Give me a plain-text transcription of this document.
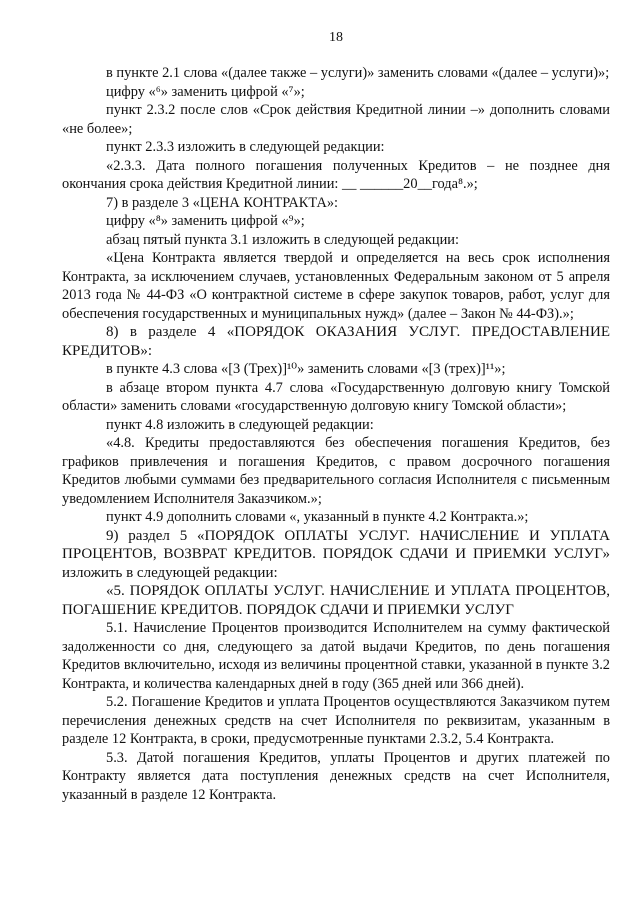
18

в пункте 2.1 слова «(далее также – услуги)» заменить словами «(далее – услуги)»;

цифру «⁶» заменить цифрой «⁷»;

пункт 2.3.2 после слов «Срок действия Кредитной линии –» дополнить словами «не более»;

пункт 2.3.3 изложить в следующей редакции:

«2.3.3. Дата полного погашения полученных Кредитов – не позднее дня окончания срока действия Кредитной линии: __ ______20__года⁸.»;

7) в разделе 3 «ЦЕНА КОНТРАКТА»:

цифру «⁸» заменить цифрой «⁹»;

абзац пятый пункта 3.1 изложить в следующей редакции:

«Цена Контракта является твердой и определяется на весь срок исполнения Контракта, за исключением случаев, установленных Федеральным законом от 5 апреля 2013 года № 44-ФЗ «О контрактной системе в сфере закупок товаров, работ, услуг для обеспечения государственных и муниципальных нужд» (далее – Закон № 44-ФЗ).»;

8) в разделе 4 «ПОРЯДОК ОКАЗАНИЯ УСЛУГ. ПРЕДОСТАВЛЕНИЕ КРЕДИТОВ»:

в пункте 4.3 слова «[3 (Трех)]¹⁰» заменить словами «[3 (трех)]¹¹»;

в абзаце втором пункта 4.7 слова «Государственную долговую книгу Томской области» заменить словами «государственную долговую книгу Томской области»;

пункт 4.8 изложить в следующей редакции:

«4.8. Кредиты предоставляются без обеспечения погашения Кредитов, без графиков привлечения и погашения Кредитов, с правом досрочного погашения Кредитов любыми суммами без предварительного согласия Исполнителя с письменным уведомлением Исполнителя Заказчиком.»;

пункт 4.9 дополнить словами «, указанный в пункте 4.2 Контракта.»;

9) раздел 5 «ПОРЯДОК ОПЛАТЫ УСЛУГ. НАЧИСЛЕНИЕ И УПЛАТА ПРОЦЕНТОВ, ВОЗВРАТ КРЕДИТОВ. ПОРЯДОК СДАЧИ И ПРИЕМКИ УСЛУГ» изложить в следующей редакции:

«5. ПОРЯДОК ОПЛАТЫ УСЛУГ. НАЧИСЛЕНИЕ И УПЛАТА ПРОЦЕНТОВ, ПОГАШЕНИЕ КРЕДИТОВ. ПОРЯДОК СДАЧИ И ПРИЕМКИ УСЛУГ

5.1. Начисление Процентов производится Исполнителем на сумму фактической задолженности со дня, следующего за датой выдачи Кредитов, по день погашения Кредитов включительно, исходя из величины процентной ставки, указанной в пункте 3.2 Контракта, и количества календарных дней в году (365 дней или 366 дней).

5.2. Погашение Кредитов и уплата Процентов осуществляются Заказчиком путем перечисления денежных средств на счет Исполнителя по реквизитам, указанным в разделе 12 Контракта, в сроки, предусмотренные пунктами 2.3.2, 5.4 Контракта.

5.3. Датой погашения Кредитов, уплаты Процентов и других платежей по Контракту является дата поступления денежных средств на счет Исполнителя, указанный в разделе 12 Контракта.
